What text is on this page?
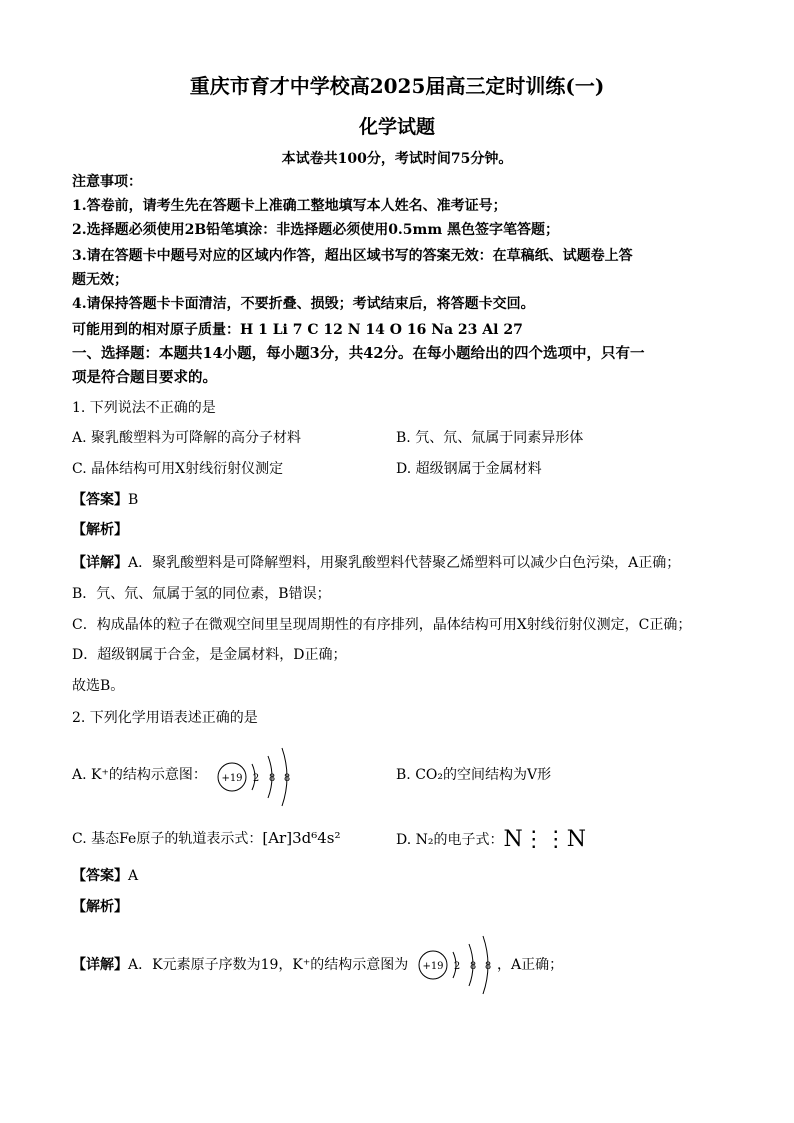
重庆市育才中学校高2025届高三定时训练(一)
化学试题
本试卷共100分，考试时间75分钟。
注意事项：
1.答卷前，请考生先在答题卡上准确工整地填写本人姓名、准考证号；
2.选择题必须使用2B铅笔填涂：非选择题必须使用0.5mm 黑色签字笔答题；
3.请在答题卡中题号对应的区域内作答，超出区域书写的答案无效：在草稿纸、试题卷上答
题无效；
4.请保持答题卡卡面清洁，不要折叠、损毁；考试结束后，将答题卡交回。
可能用到的相对原子质量：H 1 Li 7 C 12 N 14 O 16 Na 23 Al 27
一、选择题：本题共14小题，每小题3分，共42分。在每小题给出的四个选项中，只有一
项是符合题目要求的。
1. 下列说法不正确的是
A. 聚乳酸塑料为可降解的高分子材料	B. 氕、氘、氚属于同素异形体
C. 晶体结构可用X射线衍射仪测定	D. 超级钢属于金属材料
【答案】B
【解析】
【详解】A．聚乳酸塑料是可降解塑料，用聚乳酸塑料代替聚乙烯塑料可以减少白色污染，A正确；
B．氕、氘、氚属于氢的同位素，B错误；
C．构成晶体的粒子在微观空间里呈现周期性的有序排列，晶体结构可用X射线衍射仪测定，C正确；
D．超级钢属于合金，是金属材料，D正确；
故选B。
2. 下列化学用语表述正确的是
A. K⁺的结构示意图： +19 2 8 8	B. CO₂的空间结构为V形
C. 基态Fe原子的轨道表示式：[Ar]3d⁶4s²	D. N₂的电子式：N⋮⋮N
【答案】A
【解析】
【详解】A．K元素原子序数为19，K⁺的结构示意图为 +19 2 8 8 ，A正确；
